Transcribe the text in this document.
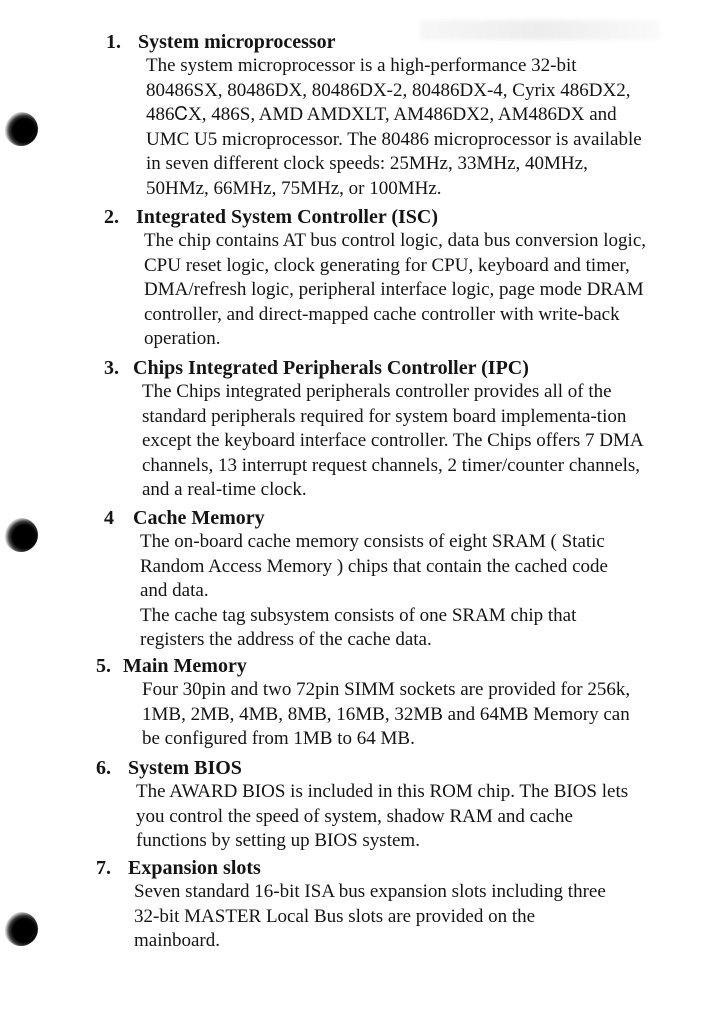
1. System microprocessor

The system microprocessor is a high-performance 32-bit 80486SX, 80486DX, 80486DX-2, 80486DX-4, Cyrix 486DX2, 486ᏟX, 486S, AMD AMDXLT, AM486DX2, AM486DX and UMC U5 microprocessor. The 80486 microprocessor is available in seven different clock speeds: 25MHz, 33MHz, 40MHz, 50HMz, 66MHz, 75MHz, or 100MHz.

2. Integrated System Controller (ISC)

The chip contains AT bus control logic, data bus conversion logic, CPU reset logic, clock generating for CPU, keyboard and timer, DMA/refresh logic, peripheral interface logic, page mode DRAM controller, and direct-mapped cache controller with write-back operation.

3. Chips Integrated Peripherals Controller (IPC)

The Chips integrated peripherals controller provides all of the standard peripherals required for system board implementa-tion except the keyboard interface controller. The Chips offers 7 DMA channels, 13 interrupt request channels, 2 timer/counter channels, and a real-time clock.

4 Cache Memory

The on-board cache memory consists of eight SRAM ( Static Random Access Memory ) chips that contain the cached code and data.

The cache tag subsystem consists of one SRAM chip that registers the address of the cache data.

5. Main Memory

Four 30pin and two 72pin SIMM sockets are provided for 256k, 1MB, 2MB, 4MB, 8MB, 16MB, 32MB and 64MB Memory can be configured from 1MB to 64 MB.

6. System BIOS

The AWARD BIOS is included in this ROM chip. The BIOS lets you control the speed of system, shadow RAM and cache functions by setting up BIOS system.

7. Expansion slots

Seven standard 16-bit ISA bus expansion slots including three 32-bit MASTER Local Bus slots are provided on the mainboard.
